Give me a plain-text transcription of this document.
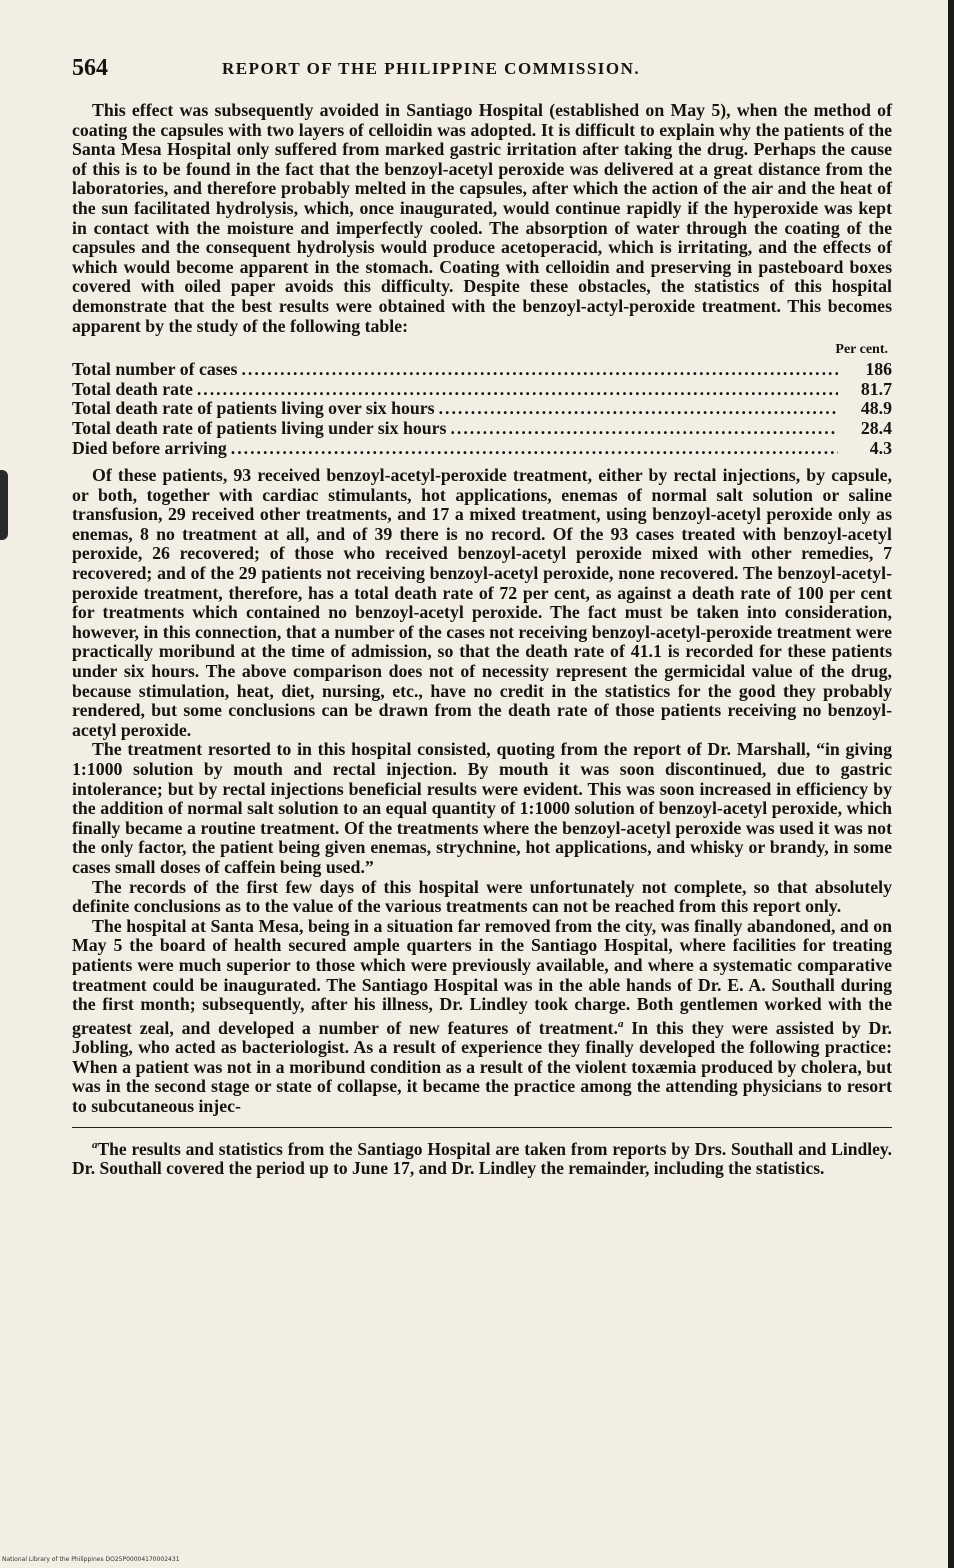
564	REPORT OF THE PHILIPPINE COMMISSION.

This effect was subsequently avoided in Santiago Hospital (established on May 5), when the method of coating the capsules with two layers of celloidin was adopted. It is difficult to explain why the patients of the Santa Mesa Hospital only suffered from marked gastric irritation after taking the drug. Perhaps the cause of this is to be found in the fact that the benzoyl-acetyl peroxide was delivered at a great distance from the laboratories, and therefore probably melted in the capsules, after which the action of the air and the heat of the sun facilitated hydrolysis, which, once inaugurated, would continue rapidly if the hyperoxide was kept in contact with the moisture and imperfectly cooled. The absorption of water through the coating of the capsules and the consequent hydrolysis would produce acetoperacid, which is irritating, and the effects of which would become apparent in the stomach. Coating with celloidin and preserving in pasteboard boxes covered with oiled paper avoids this difficulty. Despite these obstacles, the statistics of this hospital demonstrate that the best results were obtained with the benzoyl-actyl-peroxide treatment. This becomes apparent by the study of the following table:

Per cent.
Total number of cases .....	186
Total death rate .....	81.7
Total death rate of patients living over six hours .....	48.9
Total death rate of patients living under six hours .....	28.4
Died before arriving .....	4.3

Of these patients, 93 received benzoyl-acetyl-peroxide treatment, either by rectal injections, by capsule, or both, together with cardiac stimulants, hot applications, enemas of normal salt solution or saline transfusion, 29 received other treatments, and 17 a mixed treatment, using benzoyl-acetyl peroxide only as enemas, 8 no treatment at all, and of 39 there is no record. Of the 93 cases treated with benzoyl-acetyl peroxide, 26 recovered; of those who received benzoyl-acetyl peroxide mixed with other remedies, 7 recovered; and of the 29 patients not receiving benzoyl-acetyl peroxide, none recovered. The benzoyl-acetyl-peroxide treatment, therefore, has a total death rate of 72 per cent, as against a death rate of 100 per cent for treatments which contained no benzoyl-acetyl peroxide. The fact must be taken into consideration, however, in this connection, that a number of the cases not receiving benzoyl-acetyl-peroxide treatment were practically moribund at the time of admission, so that the death rate of 41.1 is recorded for these patients under six hours. The above comparison does not of necessity represent the germicidal value of the drug, because stimulation, heat, diet, nursing, etc., have no credit in the statistics for the good they probably rendered, but some conclusions can be drawn from the death rate of those patients receiving no benzoyl-acetyl peroxide.

The treatment resorted to in this hospital consisted, quoting from the report of Dr. Marshall, “in giving 1:1000 solution by mouth and rectal injection. By mouth it was soon discontinued, due to gastric intolerance; but by rectal injections beneficial results were evident. This was soon increased in efficiency by the addition of normal salt solution to an equal quantity of 1:1000 solution of benzoyl-acetyl peroxide, which finally became a routine treatment. Of the treatments where the benzoyl-acetyl peroxide was used it was not the only factor, the patient being given enemas, strychnine, hot applications, and whisky or brandy, in some cases small doses of caffein being used.”

The records of the first few days of this hospital were unfortunately not complete, so that absolutely definite conclusions as to the value of the various treatments can not be reached from this report only.

The hospital at Santa Mesa, being in a situation far removed from the city, was finally abandoned, and on May 5 the board of health secured ample quarters in the Santiago Hospital, where facilities for treating patients were much superior to those which were previously available, and where a systematic comparative treatment could be inaugurated. The Santiago Hospital was in the able hands of Dr. E. A. Southall during the first month; subsequently, after his illness, Dr. Lindley took charge. Both gentlemen worked with the greatest zeal, and developed a number of new features of treatment.$^a$ In this they were assisted by Dr. Jobling, who acted as bacteriologist. As a result of experience they finally developed the following practice: When a patient was not in a moribund condition as a result of the violent toxæmia produced by cholera, but was in the second stage or state of collapse, it became the practice among the attending physicians to resort to subcutaneous injec-

$^a$The results and statistics from the Santiago Hospital are taken from reports by Drs. Southall and Lindley. Dr. Southall covered the period up to June 17, and Dr. Lindley the remainder, including the statistics.

National Library of the Philippines DO25P00004170002431
